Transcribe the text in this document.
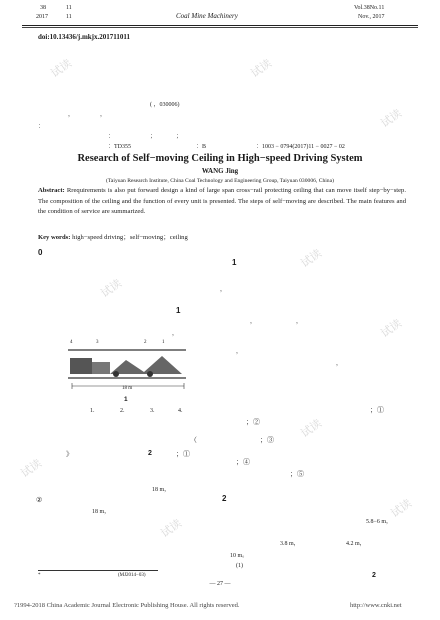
38	11
2017	11	Coal Mine Machinery
Vol.38No.11
Nov., 2017
doi:10.13436/j.mkjx.201711011
( ，030006)
，	，
：
：	；	；
：TD355	：B	：1003 − 0794(2017)11 − 0027 − 02
Research of Self−moving Ceiling in High−speed Driving System
WANG Jing
(Taiyuan Research Institute, China Coal Technology and Engineering Group, Taiyuan 030006, China)
Abstract: Rrequirements is also put forward design a kind of large span cross−rail protecting ceiling that can move itself step−by−step. The composition of the ceiling and the function of every unit is presented. The steps of self−moving are described. The main features and the condition of service are summarized.
Key words: high−speed driving；self−moving；ceiling
0
1
1
，
，	，
，
，
，
4	3	2	1
18 m
1
1.	2.	3.	4.	；①
；②
（	；③
》	2	；①
；④
；⑤
②
18 m，
2
18 m，
5.8−6 m，
3.8 m，	4.2 m，
10 m。
(1)
2
*	(MJ2014−03)
— 27 —
?1994-2018 China Academic Journal Electronic Publishing House. All rights reserved.	http://www.cnki.net
试读	试读
试读
试读
试读
试读
试读
试读
试读
试读
